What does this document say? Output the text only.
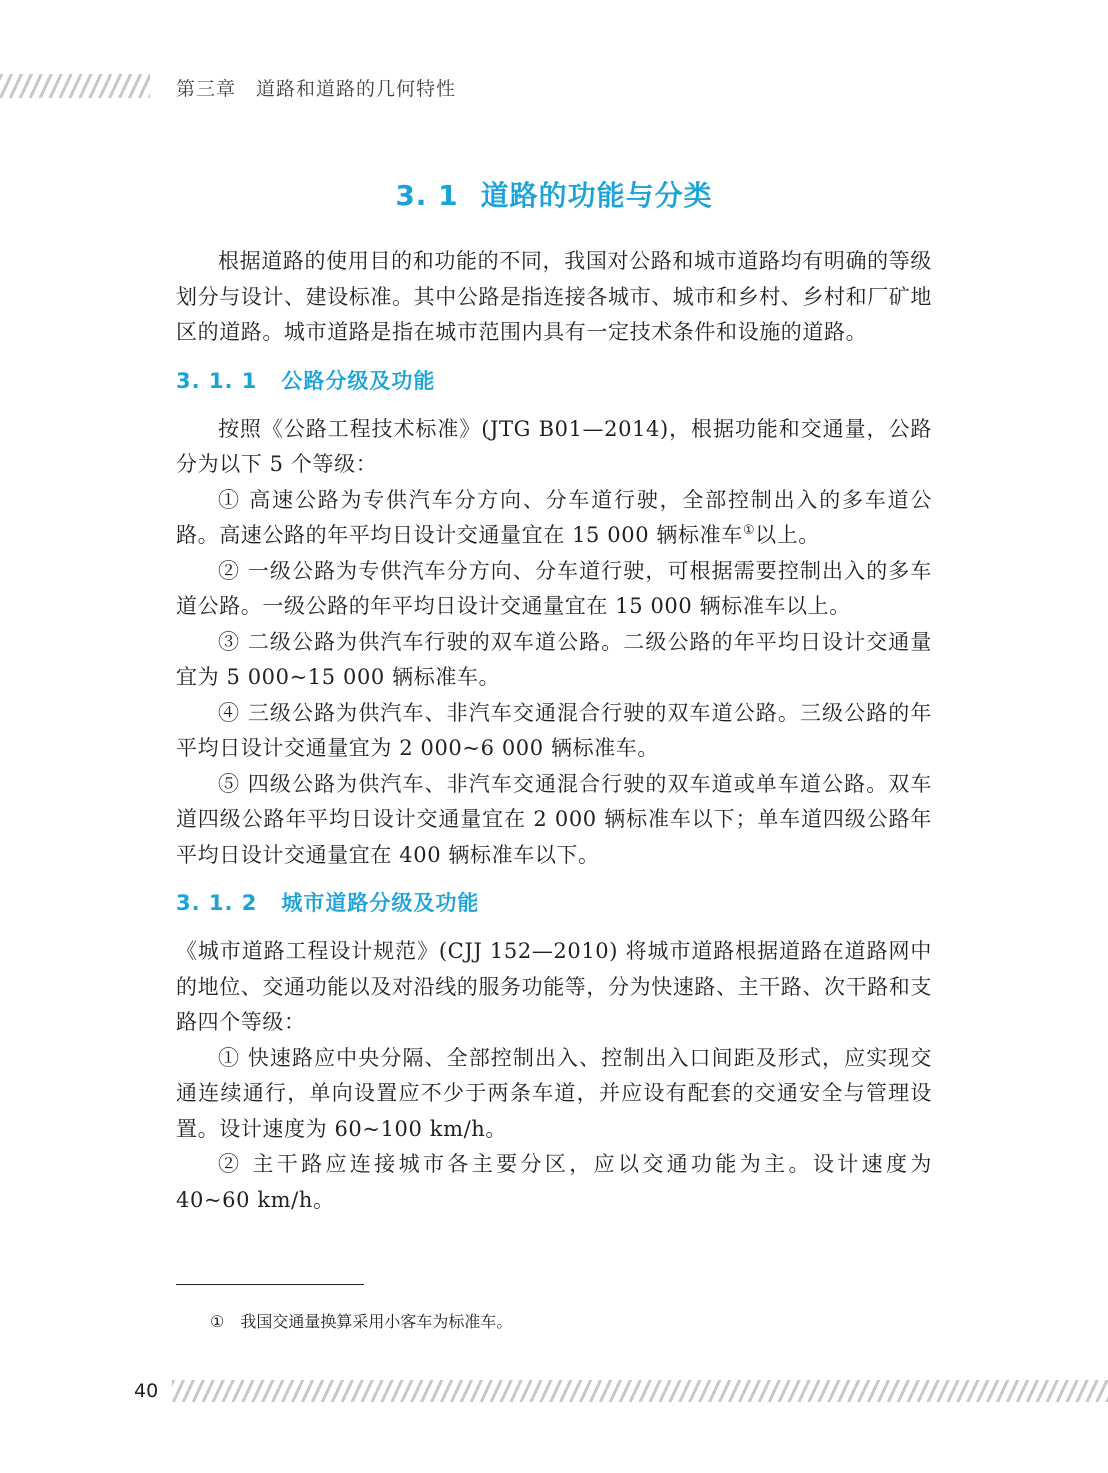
第三章 道路和道路的几何特性
3. 1 道路的功能与分类

根据道路的使用目的和功能的不同，我国对公路和城市道路均有明确的等级划分与设计、建设标准。其中公路是指连接各城市、城市和乡村、乡村和厂矿地区的道路。城市道路是指在城市范围内具有一定技术条件和设施的道路。

3. 1. 1 公路分级及功能

按照《公路工程技术标准》(JTG B01—2014)，根据功能和交通量，公路分为以下 5 个等级：

① 高速公路为专供汽车分方向、分车道行驶，全部控制出入的多车道公路。高速公路的年平均日设计交通量宜在 15 000 辆标准车①以上。

② 一级公路为专供汽车分方向、分车道行驶，可根据需要控制出入的多车道公路。一级公路的年平均日设计交通量宜在 15 000 辆标准车以上。

③ 二级公路为供汽车行驶的双车道公路。二级公路的年平均日设计交通量宜为 5 000~15 000 辆标准车。

④ 三级公路为供汽车、非汽车交通混合行驶的双车道公路。三级公路的年平均日设计交通量宜为 2 000~6 000 辆标准车。

⑤ 四级公路为供汽车、非汽车交通混合行驶的双车道或单车道公路。双车道四级公路年平均日设计交通量宜在 2 000 辆标准车以下；单车道四级公路年平均日设计交通量宜在 400 辆标准车以下。

3. 1. 2 城市道路分级及功能

《城市道路工程设计规范》(CJJ 152—2010) 将城市道路根据道路在道路网中的地位、交通功能以及对沿线的服务功能等，分为快速路、主干路、次干路和支路四个等级：

① 快速路应中央分隔、全部控制出入、控制出入口间距及形式，应实现交通连续通行，单向设置应不少于两条车道，并应设有配套的交通安全与管理设置。设计速度为 60~100 km/h。

② 主干路应连接城市各主要分区，应以交通功能为主。设计速度为 40~60 km/h。

① 我国交通量换算采用小客车为标准车。
40
